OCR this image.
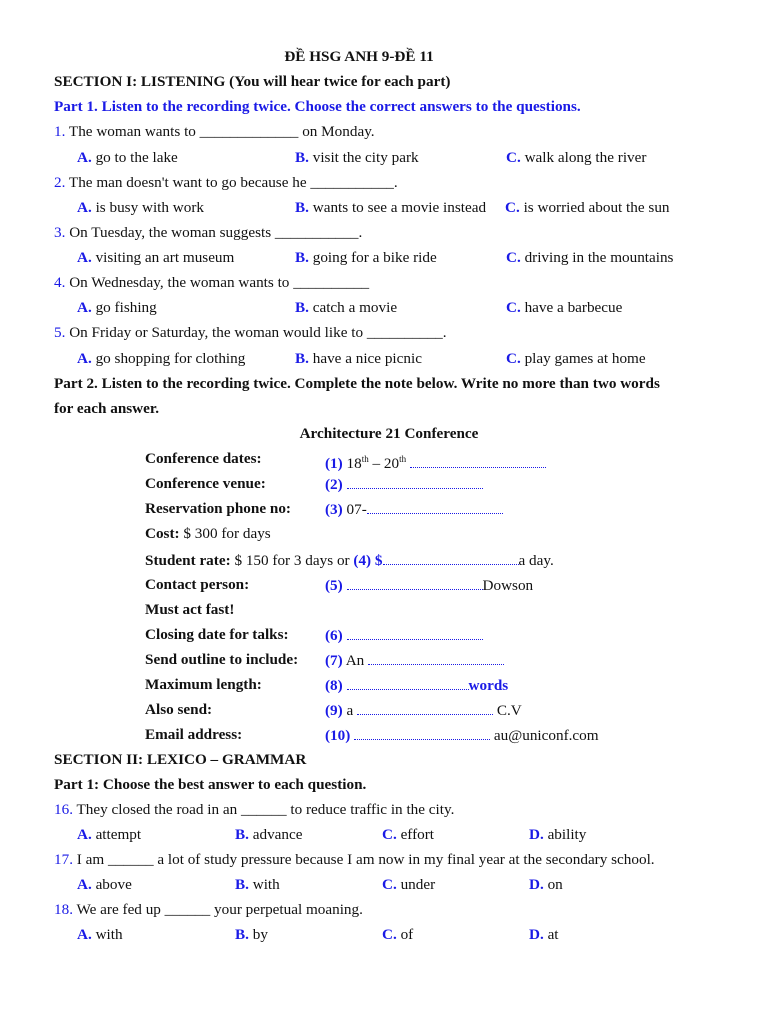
ĐỀ HSG ANH 9-ĐỀ 11
SECTION I: LISTENING (You will hear twice for each part)
Part 1. Listen to the recording twice. Choose the correct answers to the questions.
1. The woman wants to _____________ on Monday.
A. go to the lake	B. visit the city park	C. walk along the river
2. The man doesn't want to go because he ___________.
A. is busy with work	B. wants to see a movie instead C. is worried about the sun
3. On Tuesday, the woman suggests ___________.
A. visiting an art museum	B. going for a bike ride	C. driving in the mountains
4. On Wednesday, the woman wants to __________
A. go fishing	B. catch a movie	C. have a barbecue
5. On Friday or Saturday, the woman would like to __________.
A. go shopping for clothing	B. have a nice picnic	C. play games at home
Part 2. Listen to the recording twice. Complete the note below. Write no more than two words
for each answer.
Architecture 21 Conference
Conference dates:	(1) 18th – 20th
Conference venue:	(2)
Reservation phone no: (3) 07-
Cost: $ 300 for days
Student rate: $ 150 for 3 days or (4) $	a day.
Contact person:	(5)	Dowson
Must act fast!
Closing date for talks: (6)
Send outline to include: (7) An
Maximum length:	(8)	words
Also send:	(9) a	C.V
Email address:	(10)	au@uniconf.com
SECTION II: LEXICO – GRAMMAR
Part 1: Choose the best answer to each question.
16. They closed the road in an ______ to reduce traffic in the city.
A. attempt	B. advance	C. effort	D. ability
17. I am ______ a lot of study pressure because I am now in my final year at the secondary school.
A. above	B. with	C. under	D. on
18. We are fed up ______ your perpetual moaning.
A. with	B. by	C. of	D. at
